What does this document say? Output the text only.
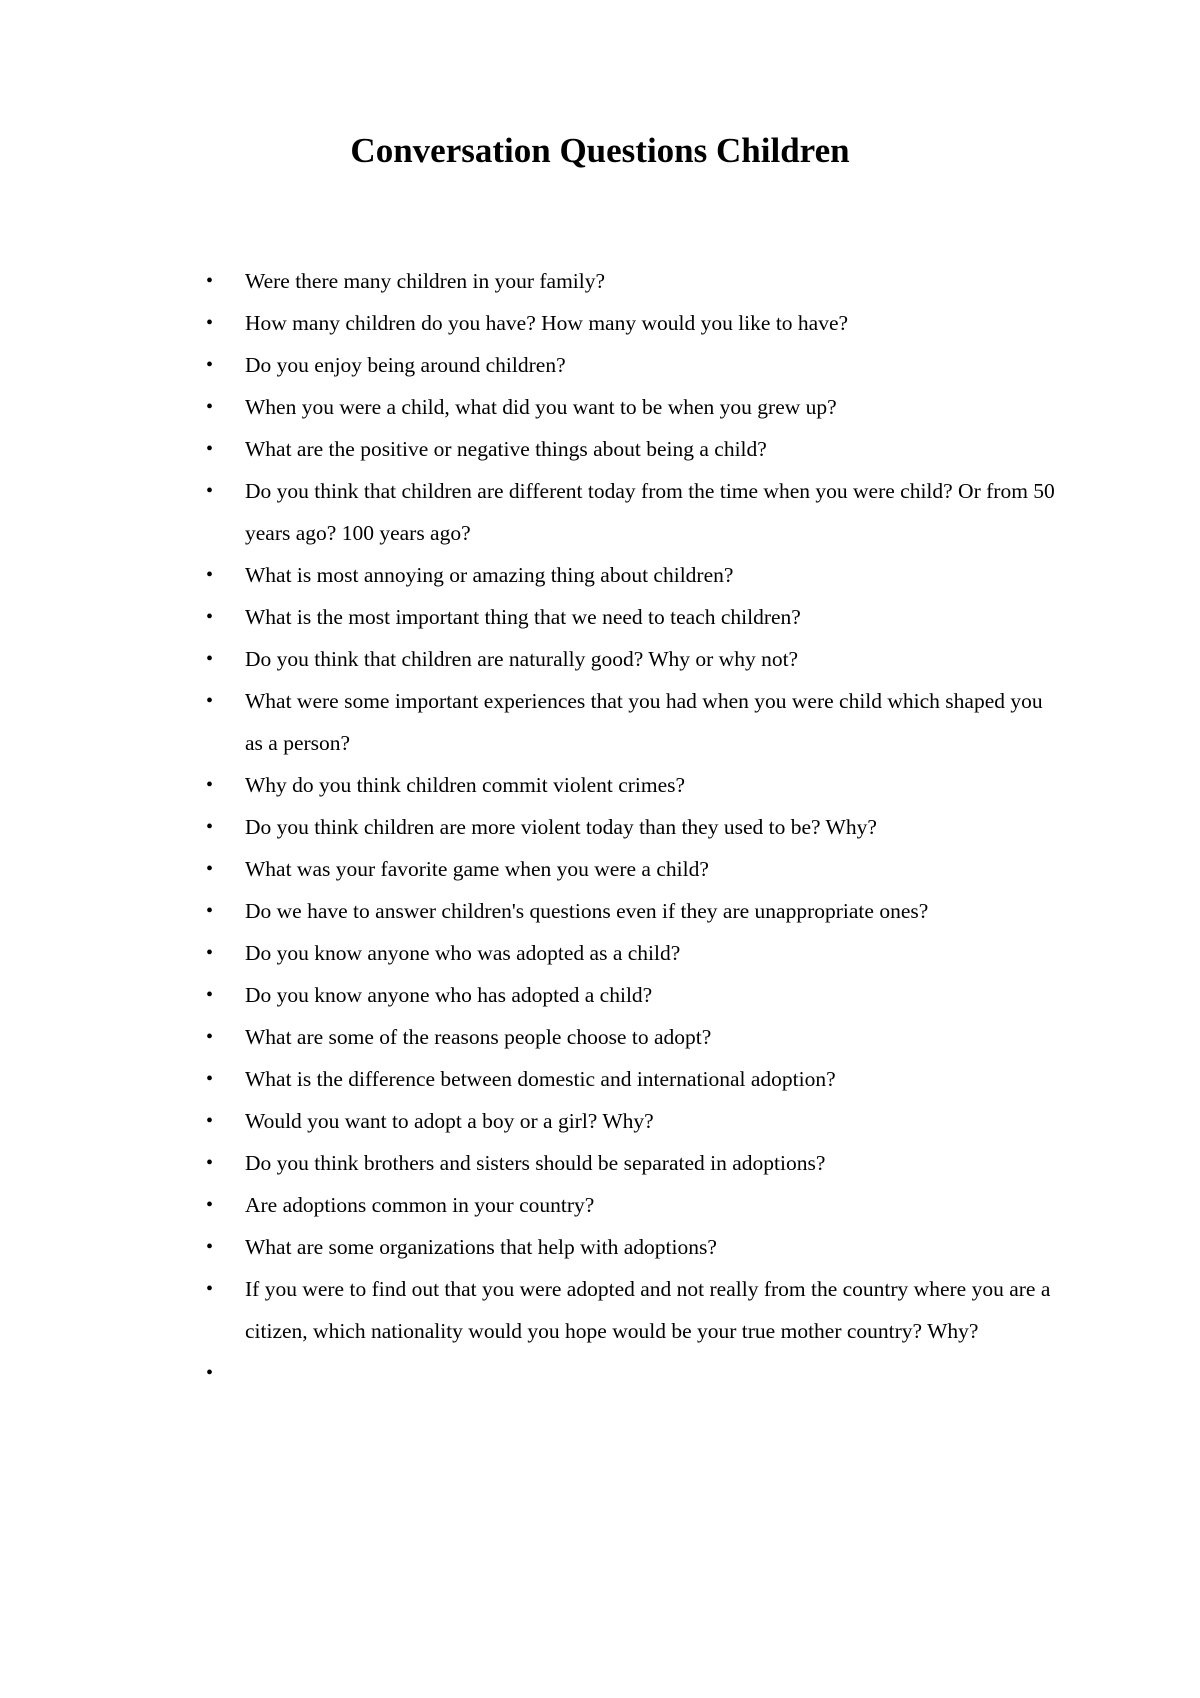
Conversation Questions Children
• Were there many children in your family?
• How many children do you have? How many would you like to have?
• Do you enjoy being around children?
• When you were a child, what did you want to be when you grew up?
• What are the positive or negative things about being a child?
• Do you think that children are different today from the time when you were child? Or from 50 years ago? 100 years ago?
• What is most annoying or amazing thing about children?
• What is the most important thing that we need to teach children?
• Do you think that children are naturally good? Why or why not?
• What were some important experiences that you had when you were child which shaped you as a person?
• Why do you think children commit violent crimes?
• Do you think children are more violent today than they used to be? Why?
• What was your favorite game when you were a child?
• Do we have to answer children's questions even if they are unappropriate ones?
• Do you know anyone who was adopted as a child?
• Do you know anyone who has adopted a child?
• What are some of the reasons people choose to adopt?
• What is the difference between domestic and international adoption?
• Would you want to adopt a boy or a girl? Why?
• Do you think brothers and sisters should be separated in adoptions?
• Are adoptions common in your country?
• What are some organizations that help with adoptions?
• If you were to find out that you were adopted and not really from the country where you are a citizen, which nationality would you hope would be your true mother country? Why?
•
